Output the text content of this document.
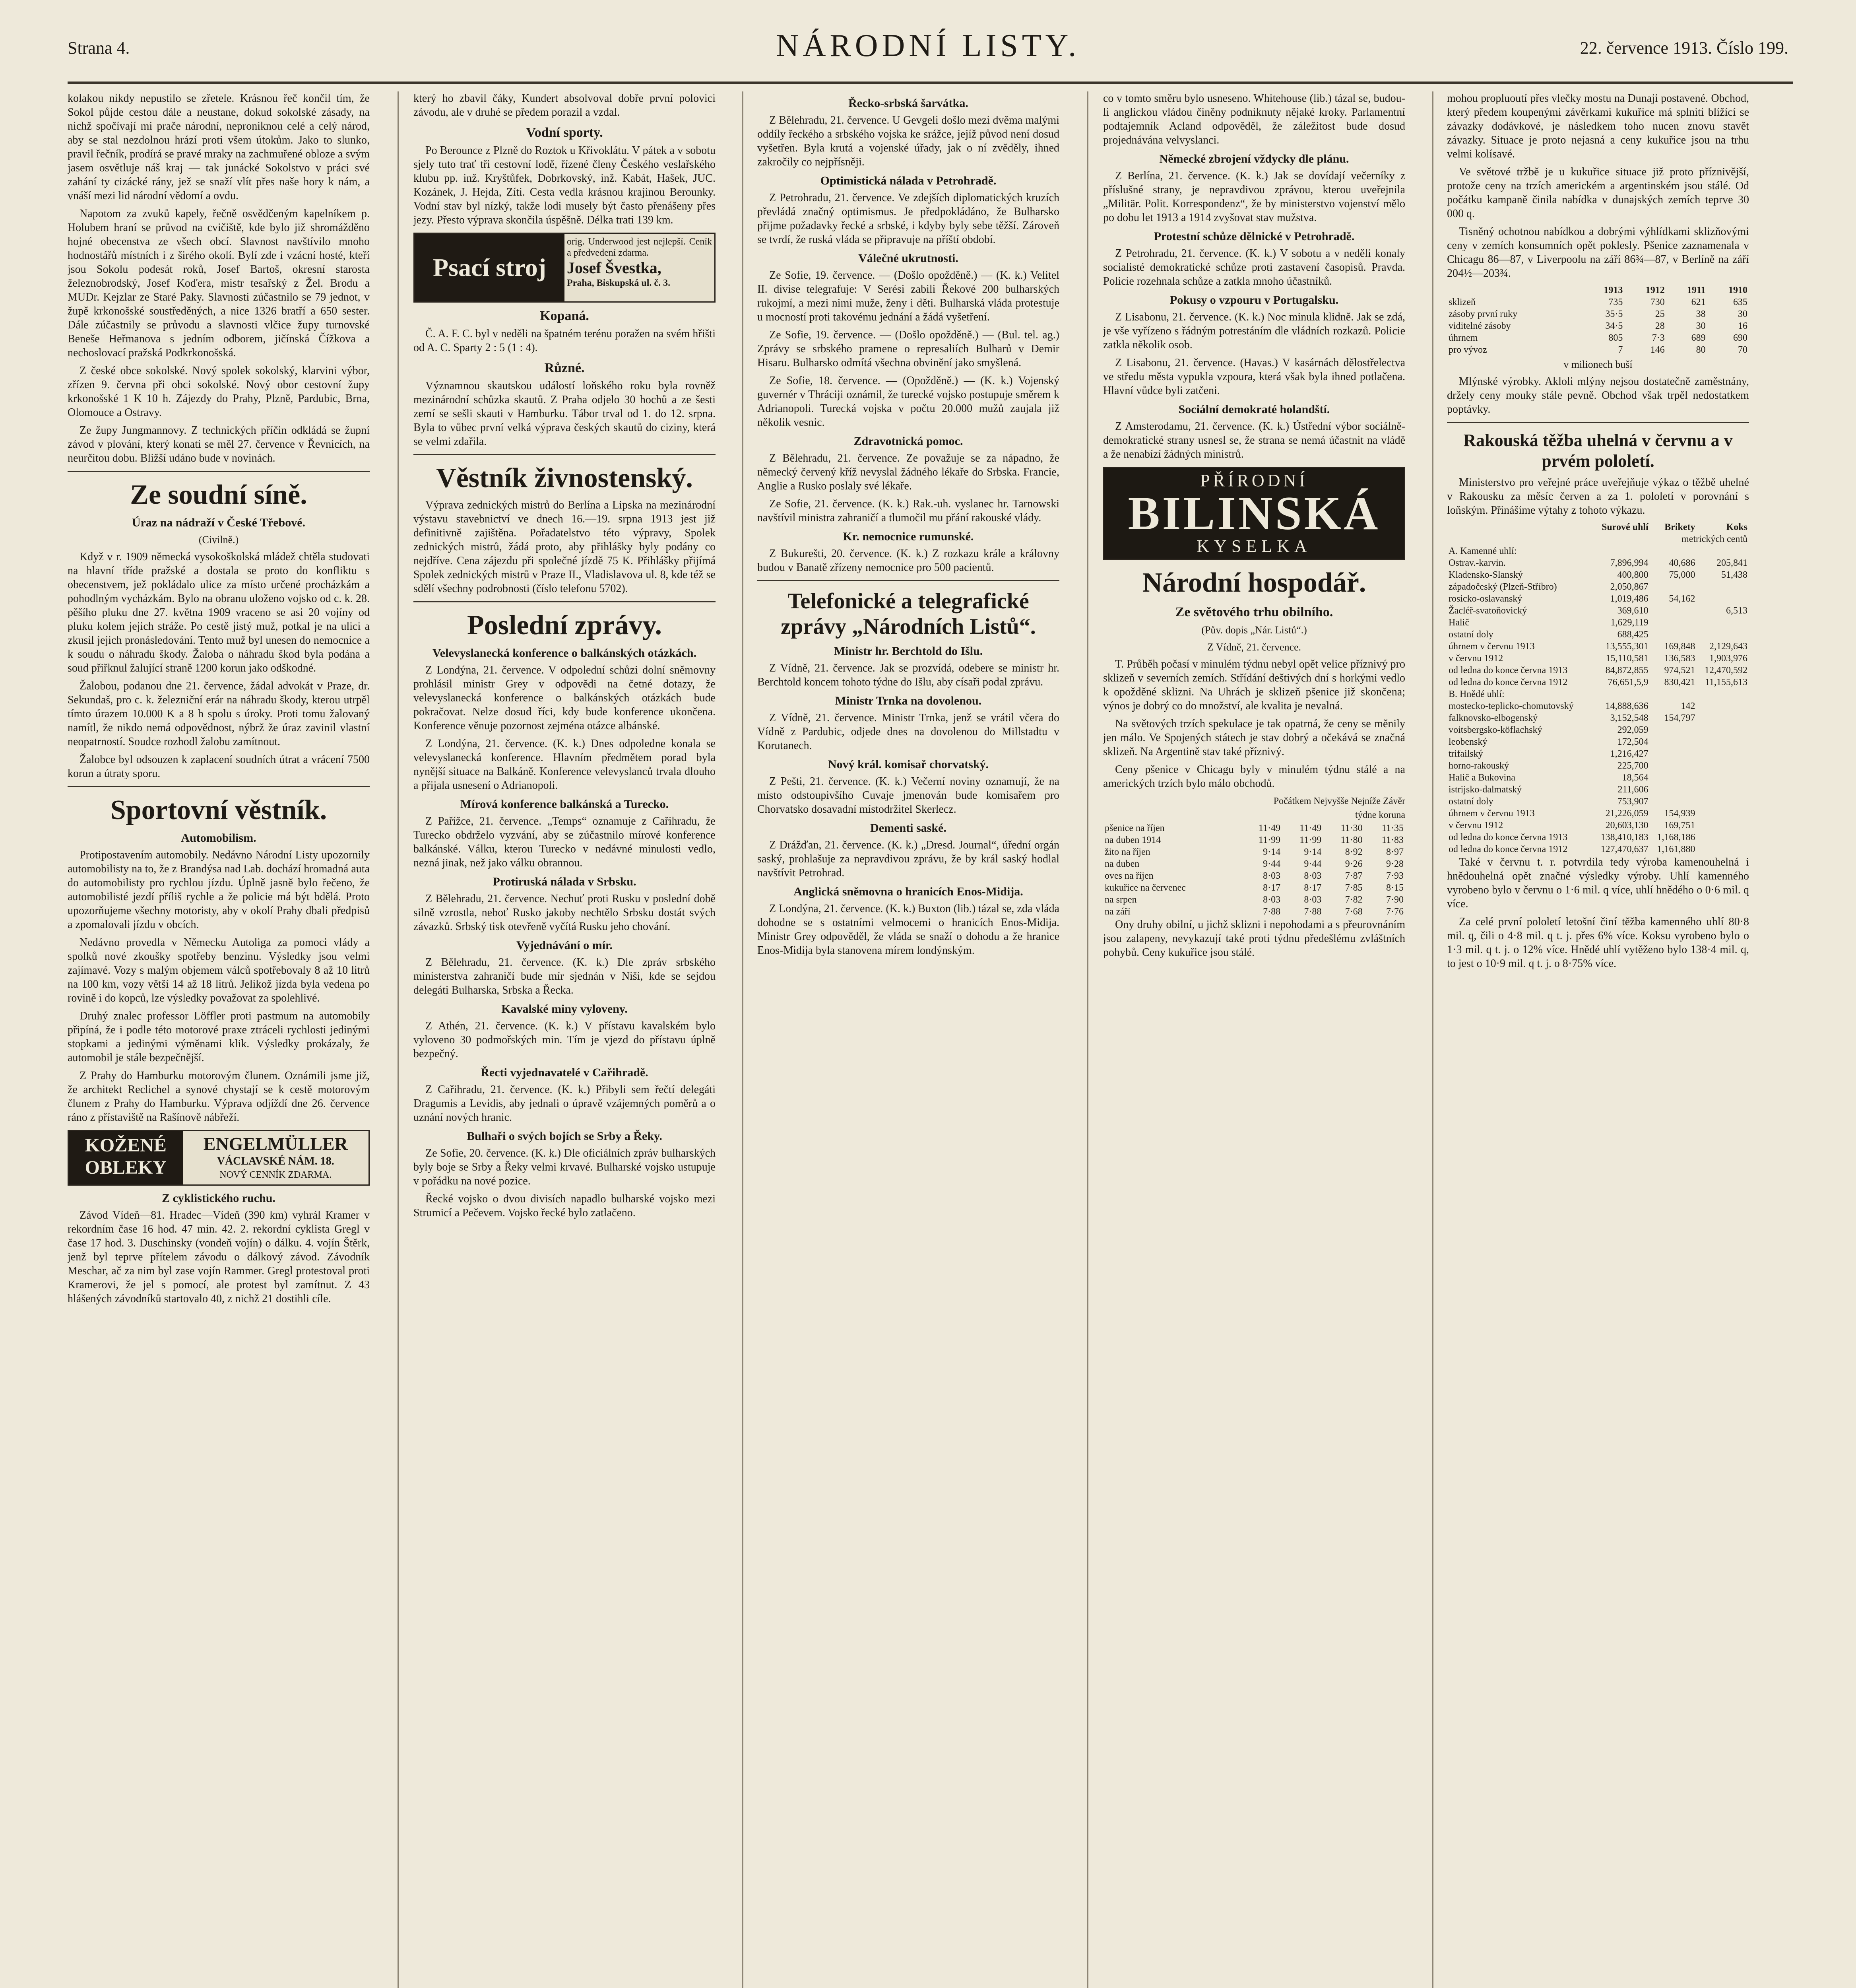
Strana 4.	NÁRODNÍ LISTY.	22. července 1913. Číslo 199.

kolakou nikdy nepustilo se zřetele. Krásnou řeč končil tím, že Sokol půjde cestou dále a neustane, dokud sokolské zásady, na nichž spočívají mi prače národní, neproniknou celé a celý národ, aby se stal nezdolnou hrází proti všem útokům. Jako to slunko, pravil řečník, prodírá se pravé mraky na zachmuřené obloze a svým jasem osvětluje náš kraj — tak junácké Sokolstvo v práci své zahání ty cizácké rány, jež se snaží vlít přes naše hory k nám, a vnáší mezi lid národní vědomí a ovdu.

Napotom za zvuků kapely, řečně osvědčeným kapelníkem p. Holubem hraní se průvod na cvičiště, kde bylo již shromážděno hojné obecenstva ze všech obcí. Slavnost navštívilo mnoho hodnostářů místních i z širého okolí. Bylí zde i vzácní hosté, kteří jsou Sokolu podesát roků, Josef Bartoš, okresní starosta železnobrodský, Josef Koďera, mistr tesařský z Žel. Brodu a MUDr. Kejzlar ze Staré Paky. Slavnosti zúčastnilo se 79 jednot, v župě krkonošské soustředěných, a nice 1326 bratří a 650 sester. Dále zúčastnily se průvodu a slavnosti vlčice župy turnovské Beneše Heřmanova s jedním odborem, jičínská Čížkova a nechoslovací pražská Podkrkonošská.

Z české obce sokolské. Nový spolek sokolský, klarvini výbor, zřízen 9. června při obci sokolské. Nový obor cestovní župy krkonošské 1 K 10 h. Zájezdy do Prahy, Plzně, Pardubic, Brna, Olomouce a Ostravy.

Ze župy Jungmannovy. Z technických příčin odkládá se župní závod v plování, který konati se měl 27. července v Řevnicích, na neurčitou dobu. Bližší udáno bude v novinách.

Ze soudní síně.
Úraz na nádraží v České Třebové.
(Civilně.)

Když v r. 1909 německá vysokoškolská mládež chtěla studovati na hlavní tříde pražské a dostala se proto do konfliktu s obecenstvem, jež pokládalo ulice za místo určené procházkám a pohodlným vycházkám. Bylo na obranu uloženo vojsko od c. k. 28. pěšího pluku dne 27. května 1909 vraceno se asi 20 vojíny od pluku kolem jejich stráže. Po cestě jistý muž, potkal je na ulici a zkusil jejich pronásledování. Tento muž byl unesen do nemocnice a k soudu o náhradu škody. Žaloba o náhradu škod byla podána a soud přiřknul žalující straně 1200 korun jako odškodné.

Žalobou, podanou dne 21. července, žádal advokát v Praze, dr. Sekundaš, pro c. k. železniční erár na náhradu škody, kterou utrpěl tímto úrazem 10.000 K a 8 h spolu s úroky. Proti tomu žalovaný namítl, že nikdo nemá odpovědnost, nýbrž že úraz zavinil vlastní neopatrností. Soudce rozhodl žalobu zamítnout.

Žalobce byl odsouzen k zaplacení soudních útrat a vrácení 7500 korun a útraty sporu.

Sportovní věstník.
Automobilism.

Protipostavením automobily. Nedávno Národní Listy upozornily automobilisty na to, že z Brandýsa nad Lab. dochází hromadná auta do automobilisty pro rychlou jízdu. Úplně jasně bylo řečeno, že automobilisté jezdí příliš rychle a že policie má být bdělá. Proto upozorňujeme všechny motoristy, aby v okolí Prahy dbali předpisů a zpomalovali jízdu v obcích.

Nedávno provedla v Německu Autoliga za pomoci vlády a spolků nové zkoušky spotřeby benzinu. Výsledky jsou velmi zajímavé. Vozy s malým objemem válců spotřebovaly 8 až 10 litrů na 100 km, vozy větší 14 až 18 litrů. Jelikož jízda byla vedena po rovině i do kopců, lze výsledky považovat za spolehlivé.

Druhý znalec professor Löffler proti pastmum na automobily připíná, že i podle této motorové praxe ztráceli rychlosti jedinými stopkami a jedinými výměnami klik. Výsledky prokázaly, že automobil je stále bezpečnější.

Z Prahy do Hamburku motorovým člunem. Oznámili jsme již, že architekt Reclichel a synové chystají se k cestě motorovým člunem z Prahy do Hamburku. Výprava odjíždí dne 26. července ráno z přístaviště na Rašínově nábřeží.

KOŽENÉ OBLEKY
ENGELMÜLLER
VÁCLAVSKÉ NÁM. 18.
NOVÝ CENNÍK ZDARMA.
Z cyklistického ruchu.

Závod Vídeň—81. Hradec—Vídeň (390 km) vyhrál Kramer v rekordním čase 16 hod. 47 min. 42. 2. rekordní cyklista Gregl v čase 17 hod. 3. Duschinsky (vondeň vojín) o dálku. 4. vojín Štěrk, jenž byl teprve přítelem závodu o dálkový závod. Závodník Meschar, ač za nim byl zase vojín Rammer. Gregl protestoval proti Kramerovi, že jel s pomocí, ale protest byl zamítnut. Z 43 hlášených závodníků startovalo 40, z nichž 21 dostihli cíle.

který ho zbavil čáky, Kundert absolvoval dobře první polovici závodu, ale v druhé se předem porazil a vzdal.

Vodní sporty.

Po Berounce z Plzně do Roztok u Křivoklátu. V pátek a v sobotu sjely tuto trať tři cestovní lodě, řízené členy Českého veslařského klubu pp. inž. Kryštůfek, Dobrkovský, inž. Kabát, Hašek, JUC. Kozánek, J. Hejda, Zíti. Cesta vedla krásnou krajinou Berounky. Vodní stav byl nízký, takže lodi musely být často přenášeny přes jezy. Přesto výprava skončila úspěšně. Délka trati 139 km.

Psací stroj
orig. Underwood jest nejlepší. Ceník a předvedení zdarma.
Josef Švestka,
Praha, Biskupská ul. č. 3.
Kopaná.

Č. A. F. C. byl v neděli na špatném terénu poražen na svém hřišti od A. C. Sparty 2 : 5 (1 : 4).

Různé.

Významnou skautskou událostí loňského roku byla rovněž mezinárodní schůzka skautů. Z Praha odjelo 30 hochů a ze šesti zemí se sešli skauti v Hamburku. Tábor trval od 1. do 12. srpna. Byla to vůbec první velká výprava českých skautů do ciziny, která se velmi zdařila.

Věstník živnostenský.

Výprava zednických mistrů do Berlína a Lipska na mezinárodní výstavu stavebnictví ve dnech 16.—19. srpna 1913 jest již definitivně zajištěna. Pořadatelstvo této výpravy, Spolek zednických mistrů, žádá proto, aby přihlášky byly podány co nejdříve. Cena zájezdu při společné jízdě 75 K. Přihlášky přijímá Spolek zednických mistrů v Praze II., Vladislavova ul. 8, kde též se sdělí všechny podrobnosti (číslo telefonu 5702).

Poslední zprávy.
Velevyslanecká konference o balkánských otázkách.

Z Londýna, 21. července. V odpolední schůzi dolní sněmovny prohlásil ministr Grey v odpovědi na četné dotazy, že velevyslanecká konference o balkánských otázkách bude pokračovat. Nelze dosud říci, kdy bude konference ukončena. Konference věnuje pozornost zejména otázce albánské.

Z Londýna, 21. července. (K. k.) Dnes odpoledne konala se velevyslanecká konference. Hlavním předmětem porad byla nynější situace na Balkáně. Konference velevyslanců trvala dlouho a přijala usnesení o Adrianopoli.

Mírová konference balkánská a Turecko.

Z Pařížce, 21. července. „Temps“ oznamuje z Cařihradu, že Turecko obdrželo vyzvání, aby se zúčastnilo mírové konference balkánské. Válku, kterou Turecko v nedávné minulosti vedlo, nezná jinak, než jako válku obrannou.

Protiruská nálada v Srbsku.

Z Bělehradu, 21. července. Nechuť proti Rusku v poslední době silně vzrostla, neboť Rusko jakoby nechtělo Srbsku dostát svých závazků. Srbský tisk otevřeně vyčítá Rusku jeho chování.

Vyjednávání o mír.

Z Bělehradu, 21. července. (K. k.) Dle zpráv srbského ministerstva zahraničí bude mír sjednán v Niši, kde se sejdou delegáti Bulharska, Srbska a Řecka.

Kavalské miny vyloveny.

Z Athén, 21. července. (K. k.) V přístavu kavalském bylo vyloveno 30 podmořských min. Tím je vjezd do přístavu úplně bezpečný.

Řecti vyjednavatelé v Cařihradě.

Z Cařihradu, 21. července. (K. k.) Přibyli sem řečtí delegáti Dragumis a Levidis, aby jednali o úpravě vzájemných poměrů a o uznání nových hranic.

Bulhaři o svých bojích se Srby a Řeky.

Ze Sofie, 20. července. (K. k.) Dle oficiálních zpráv bulharských byly boje se Srby a Řeky velmi krvavé. Bulharské vojsko ustupuje v pořádku na nové pozice.

Řecké vojsko o dvou divisích napadlo bulharské vojsko mezi Strumicí a Pečevem. Vojsko řecké bylo zatlačeno.

Řecko-srbská šarvátka.

Z Bělehradu, 21. července. U Gevgeli došlo mezi dvěma malými oddíly řeckého a srbského vojska ke srážce, jejíž původ není dosud vyšetřen. Byla krutá a vojenské úřady, jak o ní zvěděly, ihned zakročily co nejpřísněji.

Optimistická nálada v Petrohradě.

Z Petrohradu, 21. července. Ve zdejších diplomatických kruzích převládá značný optimismus. Je předpokládáno, že Bulharsko přijme požadavky řecké a srbské, i kdyby byly sebe těžší. Zároveň se tvrdí, že ruská vláda se připravuje na příští období.

Válečné ukrutnosti.

Ze Sofie, 19. července. — (Došlo opožděně.) — (K. k.) Velitel II. divise telegrafuje: V Serési zabili Řekové 200 bulharských rukojmí, a mezi nimi muže, ženy i děti. Bulharská vláda protestuje u mocností proti takovému jednání a žádá vyšetření.

Ze Sofie, 19. července. — (Došlo opožděně.) — (Bul. tel. ag.) Zprávy se srbského pramene o represaliích Bulharů v Demir Hisaru. Bulharsko odmítá všechna obvinění jako smyšlená.

Ze Sofie, 18. července. — (Opožděně.) — (K. k.) Vojenský guvernér v Thráciji oznámil, že turecké vojsko postupuje směrem k Adrianopoli. Turecká vojska v počtu 20.000 mužů zaujala již několik vesnic.

Zdravotnická pomoc.

Z Bělehradu, 21. července. Ze považuje se za nápadno, že německý červený kříž nevyslal žádného lékaře do Srbska. Francie, Anglie a Rusko poslaly své lékaře.

Ze Sofie, 21. července. (K. k.) Rak.-uh. vyslanec hr. Tarnowski navštívil ministra zahraničí a tlumočil mu přání rakouské vlády.

Kr. nemocnice rumunské.

Z Bukurešti, 20. července. (K. k.) Z rozkazu krále a královny budou v Banatě zřízeny nemocnice pro 500 pacientů.

Telefonické a telegrafické zprávy „Národních Listů“.
Ministr hr. Berchtold do Išlu.

Z Vídně, 21. července. Jak se prozvídá, odebere se ministr hr. Berchtold koncem tohoto týdne do Išlu, aby císaři podal zprávu.

Ministr Trnka na dovolenou.

Z Vídně, 21. července. Ministr Trnka, jenž se vrátil včera do Vídně z Pardubic, odjede dnes na dovolenou do Millstadtu v Korutanech.

Nový král. komisař chorvatský.

Z Pešti, 21. července. (K. k.) Večerní noviny oznamují, že na místo odstoupivšího Cuvaje jmenován bude komisařem pro Chorvatsko dosavadní místodržitel Skerlecz.

Dementi saské.

Z Drážďan, 21. července. (K. k.) „Dresd. Journal“, úřední orgán saský, prohlašuje za nepravdivou zprávu, že by král saský hodlal navštívit Petrohrad.

Anglická sněmovna o hranicích Enos-Midija.

Z Londýna, 21. července. (K. k.) Buxton (lib.) tázal se, zda vláda dohodne se s ostatními velmocemi o hranicích Enos-Midija. Ministr Grey odpověděl, že vláda se snaží o dohodu a že hranice Enos-Midija byla stanovena mírem londýnským.

co v tomto směru bylo usneseno. Whitehouse (lib.) tázal se, budou-li anglickou vládou činěny podniknuty nějaké kroky. Parlamentní podtajemník Acland odpověděl, že záležitost bude dosud projednávána velvyslanci.

Německé zbrojení vždycky dle plánu.

Z Berlína, 21. července. (K. k.) Jak se dovídají večerníky z příslušné strany, je nepravdivou zprávou, kterou uveřejnila „Militär. Polit. Korrespondenz“, že by ministerstvo vojenství mělo po dobu let 1913 a 1914 zvyšovat stav mužstva.

Protestní schůze dělnické v Petrohradě.

Z Petrohradu, 21. července. (K. k.) V sobotu a v neděli konaly socialisté demokratické schůze proti zastavení časopisů. Pravda. Policie rozehnala schůze a zatkla mnoho účastníků.

Pokusy o vzpouru v Portugalsku.

Z Lisabonu, 21. července. (K. k.) Noc minula klidně. Jak se zdá, je vše vyřízeno s řádným potrestáním dle vládních rozkazů. Policie zatkla několik osob.

Z Lisabonu, 21. července. (Havas.) V kasárnách dělostřelectva ve středu města vypukla vzpoura, která však byla ihned potlačena. Hlavní vůdce byli zatčeni.

Sociální demokraté holandští.

Z Amsterodamu, 21. července. (K. k.) Ústřední výbor sociálně-demokratické strany usnesl se, že strana se nemá účastnit na vládě a že nenabízí žádných ministrů.

PŘÍRODNÍ
BILINSKÁ
KYSELKA
Národní hospodář.
Ze světového trhu obilního.
(Pův. dopis „Nár. Listů“.)
Z Vídně, 21. července.

T. Průběh počasí v minulém týdnu nebyl opět velice příznivý pro sklizeň v severních zemích. Střídání deštivých dní s horkými vedlo k opožděné sklizni. Na Uhrách je sklizeň pšenice již skončena; výnos je dobrý co do množství, ale kvalita je nevalná.

Na světových trzích spekulace je tak opatrná, že ceny se měnily jen málo. Ve Spojených státech je stav dobrý a očekává se značná sklizeň. Na Argentině stav také příznivý.

Ceny pšenice v Chicagu byly v minulém týdnu stálé a na amerických trzích bylo málo obchodů.

Počátkem Nejvyšše Nejníže Závěr
týdne koruna
pšenice na říjen	11·49	11·49	11·30	11·35
na duben 1914	11·99	11·99	11·80	11·83
žito na říjen	9·14	9·14	8·92	8·97
na duben	9·44	9·44	9·26	9·28
oves na říjen	8·03	8·03	7·87	7·93
kukuřice na červenec	8·17	8·17	7·85	8·15
na srpen	8·03	8·03	7·82	7·90
na září	7·88	7·88	7·68	7·76

Ony druhy obilní, u jichž sklizni i nepohodami a s přeurovnáním jsou zalapeny, nevykazují také proti týdnu předešlému zvláštních pohybů. Ceny kukuřice jsou stálé.

mohou propluoutí přes vlečky mostu na Dunaji postavené. Obchod, který předem koupenými závěrkami kukuřice má splniti blížící se závazky dodávkové, je následkem toho nucen znovu stavět závazky. Situace je proto nejasná a ceny kukuřice jsou na trhu velmi kolísavé.

Ve světové tržbě je u kukuřice situace již proto příznivější, protože ceny na trzích americkém a argentinském jsou stálé. Od počátku kampaně činila nabídka v dunajských zemích teprve 30 000 q.

Tisněný ochotnou nabídkou a dobrými výhlídkami sklizňovými ceny v zemích konsumních opět poklesly. Pšenice zaznamenala v Chicagu 86—87, v Liverpoolu na září 86¾—87, v Berlíně na září 204½—203¾.

	1913	1912	1911	1910
sklizeň	735	730	621	635
zásoby první ruky	35·5	25	38	30
viditelné zásoby	34·5	28	30	16
úhrnem	805	7·3	689	690
pro vývoz	7	146	80	70
v milionech buší

Mlýnské výrobky. Akloli mlýny nejsou dostatečně zaměstnány, držely ceny mouky stále pevně. Obchod však trpěl nedostatkem poptávky.

Rakouská těžba uhelná v červnu a v prvém pololetí.

Ministerstvo pro veřejné práce uveřejňuje výkaz o těžbě uhelné v Rakousku za měsíc červen a za 1. pololetí v porovnání s loňským. Přinášíme výtahy z tohoto výkazu.

	Surové uhlí	Brikety	Koks
metrických centů			
A. Kamenné uhlí:			
Ostrav.-karvin.	7,896,994	40,686	205,841
Kladensko-Slanský	400,800	75,000	51,438
západočeský (Plzeň-Stříbro)	2,050,867		
rosicko-oslavanský	1,019,486	54,162	
Žacléř-svatoňovický	369,610		6,513
Halič	1,629,119		
ostatní doly	688,425		
úhrnem v červnu 1913	13,555,301	169,848	2,129,643
v červnu 1912	15,110,581	136,583	1,903,976
od ledna do konce června 1913	84,872,855	974,521	12,470,592
od ledna do konce června 1912	76,651,5,9	830,421	11,155,613
B. Hnědé uhlí:			
mostecko-teplicko-chomutovský	14,888,636	142	
falknovsko-elbogenský	3,152,548	154,797	
voitsbergsko-köflachský	292,059		
leobenský	172,504		
trifailský	1,216,427		
horno-rakouský	225,700		
Halič a Bukovina	18,564		
istrijsko-dalmatský	211,606		
ostatní doly	753,907		
úhrnem v červnu 1913	21,226,059	154,939	
v červnu 1912	20,603,130	169,751	
od ledna do konce června 1913	138,410,183	1,168,186	
od ledna do konce června 1912	127,470,637	1,161,880	

Také v červnu t. r. potvrdila tedy výroba kamenouhelná i hnědouhelná opět značné výsledky výroby. Uhlí kamenného vyrobeno bylo v červnu o 1·6 mil. q více, uhlí hnědého o 0·6 mil. q více.

Za celé první pololetí letošní činí těžba kamenného uhlí 80·8 mil. q, čili o 4·8 mil. q t. j. přes 6% více. Koksu vyrobeno bylo o 1·3 mil. q t. j. o 12% více. Hnědé uhlí vytěženo bylo 138·4 mil. q, to jest o 10·9 mil. q t. j. o 8·75% více.
